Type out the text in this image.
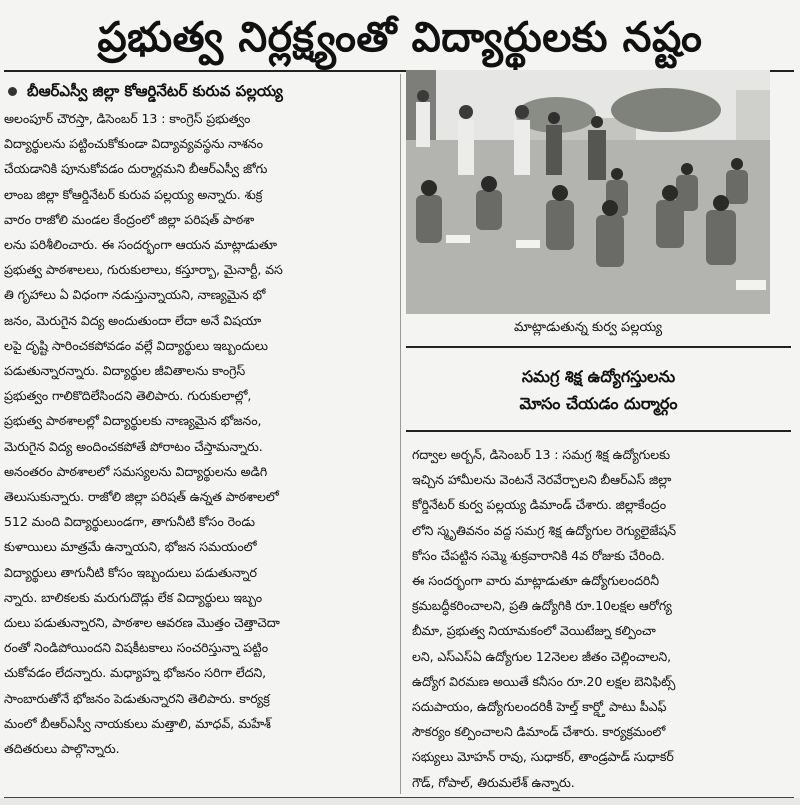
ప్రభుత్వ నిర్లక్ష్యంతో విద్యార్థులకు నష్టం
బీఆర్ఎస్వీ జిల్లా కోఆర్డినేటర్ కురువ పల్లయ్య

అలంపూర్ చౌరస్తా, డిసెంబర్ 13 : కాంగ్రెస్ ప్రభుత్వం

విద్యార్థులను పట్టించుకోకుండా విద్యావ్యవస్థను నాశనం

చేయడానికి పూనుకోవడం దుర్మార్గమని బీఆర్ఎస్వీ జోగు

లాంబ జిల్లా కోఆర్డినేటర్ కురువ పల్లయ్య అన్నారు. శుక్ర

వారం రాజోలి మండల కేంద్రంలో జిల్లా పరిషత్ పాఠశా

లను పరిశీలించారు. ఈ సందర్భంగా ఆయన మాట్లాడుతూ

ప్రభుత్వ పాఠశాలలు, గురుకులాలు, కస్తూర్బా, మైనార్టీ, వస

తి గృహాలు ఏ విధంగా నడుస్తున్నాయని, నాణ్యమైన భో

జనం, మెరుగైన విద్య అందుతుందా లేదా అనే విషయా

లపై దృష్టి సారించకపోవడం వల్లే విద్యార్థులు ఇబ్బందులు

పడుతున్నారన్నారు. విద్యార్థుల జీవితాలను కాంగ్రెస్

ప్రభుత్వం గాలికొదిలేసిందని తెలిపారు. గురుకులాల్లో,

ప్రభుత్వ పాఠశాలల్లో విద్యార్థులకు నాణ్యమైన భోజనం,

మెరుగైన విద్య అందించకపోతే పోరాటం చేస్తామన్నారు.

అనంతరం పాఠశాలలో సమస్యలను విద్యార్థులను అడిగి

తెలుసుకున్నారు. రాజోలి జిల్లా పరిషత్ ఉన్నత పాఠశాలలో

512 మంది విద్యార్థులుండగా, తాగునీటి కోసం రెండు

కుళాయిలు మాత్రమే ఉన్నాయని, భోజన సమయంలో

విద్యార్థులు తాగునీటి కోసం ఇబ్బందులు పడుతున్నార

న్నారు. బాలికలకు మరుగుదొడ్లు లేక విద్యార్థులు ఇబ్బం

దులు పడుతున్నారని, పాఠశాల ఆవరణ మొత్తం చెత్తాచెదా

రంతో నిండిపోయిందని విషకీటకాలు సంచరిస్తున్నా పట్టిం

చుకోవడం లేదన్నారు. మధ్యాహ్న భోజనం సరిగా లేదని,

సాంబారుతోనే భోజనం పెడుతున్నారని తెలిపారు. కార్యక్ర

మంలో బీఆర్ఎస్వీ నాయకులు మత్తాలి, మాధవ్, మహేశ్

తదితరులు పాల్గొన్నారు.

మాట్లాడుతున్న కుర్వ పల్లయ్య
సమగ్ర శిక్ష ఉద్యోగస్తులను
మోసం చేయడం దుర్మార్గం

గద్వాల అర్బన్, డిసెంబర్ 13 : సమగ్ర శిక్ష ఉద్యోగులకు

ఇచ్చిన హామీలను వెంటనే నెరవేర్చాలని బీఆర్ఎస్ జిల్లా

కోర్డినేటర్ కుర్వ పల్లయ్య డిమాండ్ చేశారు. జిల్లాకేంద్రం

లోని స్మృతివనం వద్ద సమగ్ర శిక్ష ఉద్యోగుల రెగ్యులైజేషన్

కోసం చేపట్టిన సమ్మె శుక్రవారానికి 4వ రోజుకు చేరింది.

ఈ సందర్భంగా వారు మాట్లాడుతూ ఉద్యోగులందరినీ

క్రమబద్ధీకరించాలని, ప్రతి ఉద్యోగికి రూ.10లక్షల ఆరోగ్య

బీమా, ప్రభుత్వ నియామకంలో వెయిటేజ్ను కల్పించా

లని, ఎస్ఎస్ఏ ఉద్యోగుల 12నెలల జీతం చెల్లించాలని,

ఉద్యోగ విరమణ అయితే కనీసం రూ.20 లక్షల బెనిఫిట్స్

సదుపాయం, ఉద్యోగులందరికీ హెల్త్ కార్డ్తో పాటు పీఎఫ్

సౌకర్యం కల్పించాలని డిమాండ్ చేశారు. కార్యక్రమంలో

సభ్యులు మోహన్ రావు, సుధాకర్, తాండ్రపాడ్ సుధాకర్

గౌడ్, గోపాల్, తిరుమలేశ్ ఉన్నారు.
